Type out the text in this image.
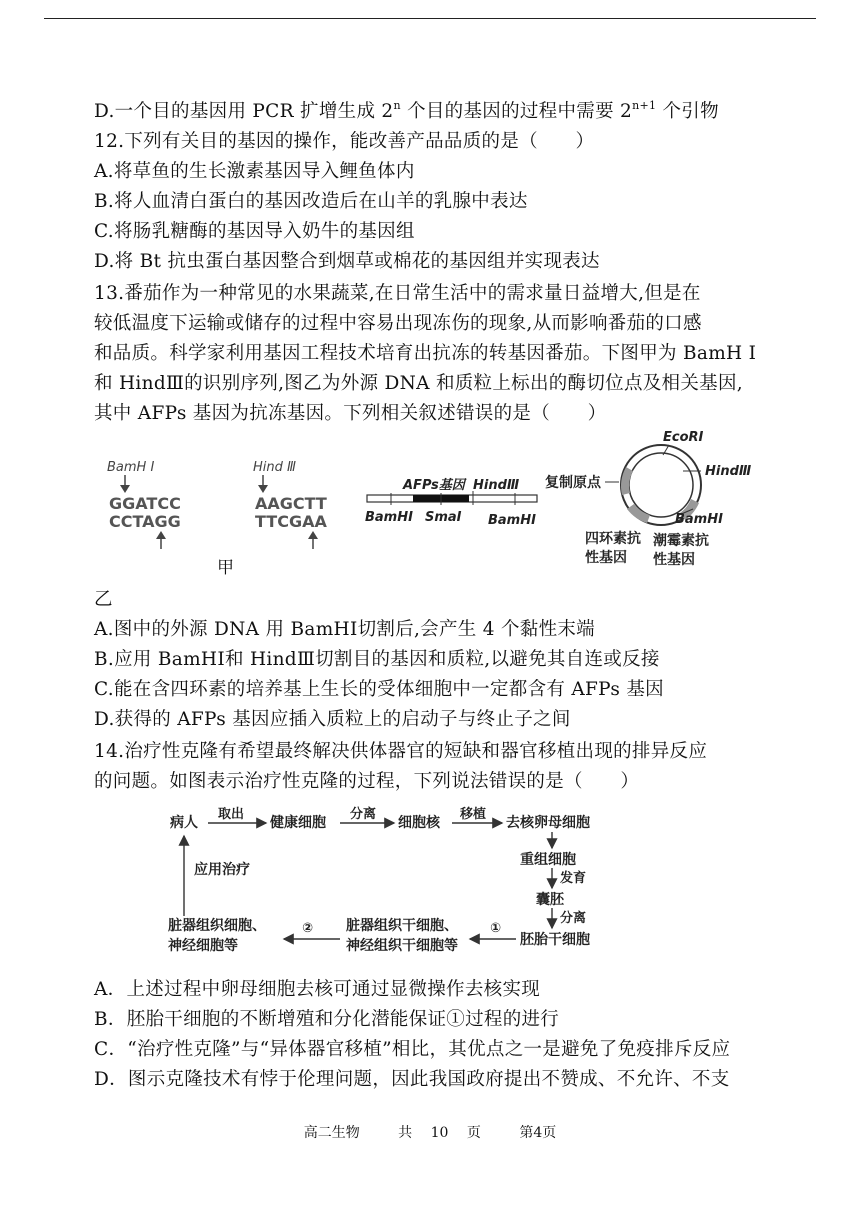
D.一个目的基因用 PCR 扩增生成 2$^n$ 个目的基因的过程中需要 $2^{n+1}$ 个引物
12.下列有关目的基因的操作，能改善产品品质的是（　　）
A.将草鱼的生长激素基因导入鲤鱼体内
B.将人血清白蛋白的基因改造后在山羊的乳腺中表达
C.将肠乳糖酶的基因导入奶牛的基因组
D.将 Bt 抗虫蛋白基因整合到烟草或棉花的基因组并实现表达
13.番茄作为一种常见的水果蔬菜,在日常生活中的需求量日益增大,但是在
较低温度下运输或储存的过程中容易出现冻伤的现象,从而影响番茄的口感
和品质。科学家利用基因工程技术培育出抗冻的转基因番茄。下图甲为 BamH Ⅰ
和 HindⅢ的识别序列,图乙为外源 DNA 和质粒上标出的酶切位点及相关基因,
其中 AFPs 基因为抗冻基因。下列相关叙述错误的是（　　）
BamH Ⅰ
GGATCC
CCTAGG
Hind Ⅲ
AAGCTT
TTCGAA
AFPs基因 HindⅢ
BamHⅠ SmaⅠ BamHⅠ
复制原点
EcoRⅠ
HindⅢ
BamHⅠ
四环素抗
性基因
潮霉素抗
性基因
甲
乙
A.图中的外源 DNA 用 BamHⅠ切割后,会产生 4 个黏性末端
B.应用 BamHⅠ和 HindⅢ切割目的基因和质粒,以避免其自连或反接
C.能在含四环素的培养基上生长的受体细胞中一定都含有 AFPs 基因
D.获得的 AFPs 基因应插入质粒上的启动子与终止子之间
14.治疗性克隆有希望最终解决供体器官的短缺和器官移植出现的排异反应
的问题。如图表示治疗性克隆的过程，下列说法错误的是（　　）
病人
取出
健康细胞
分离
细胞核
移植
去核卵母细胞
重组细胞
发育
囊胚
分离
胚胎干细胞
①
脏器组织干细胞、
神经组织干细胞等
②
脏器组织细胞、
神经细胞等
应用治疗
A．上述过程中卵母细胞去核可通过显微操作去核实现
B．胚胎干细胞的不断增殖和分化潜能保证①过程的进行
C．“治疗性克隆”与“异体器官移植”相比，其优点之一是避免了免疫排斥反应
D．图示克隆技术有悖于伦理问题，因此我国政府提出不赞成、不允许、不支
高二生物	共 10 页	第4页
